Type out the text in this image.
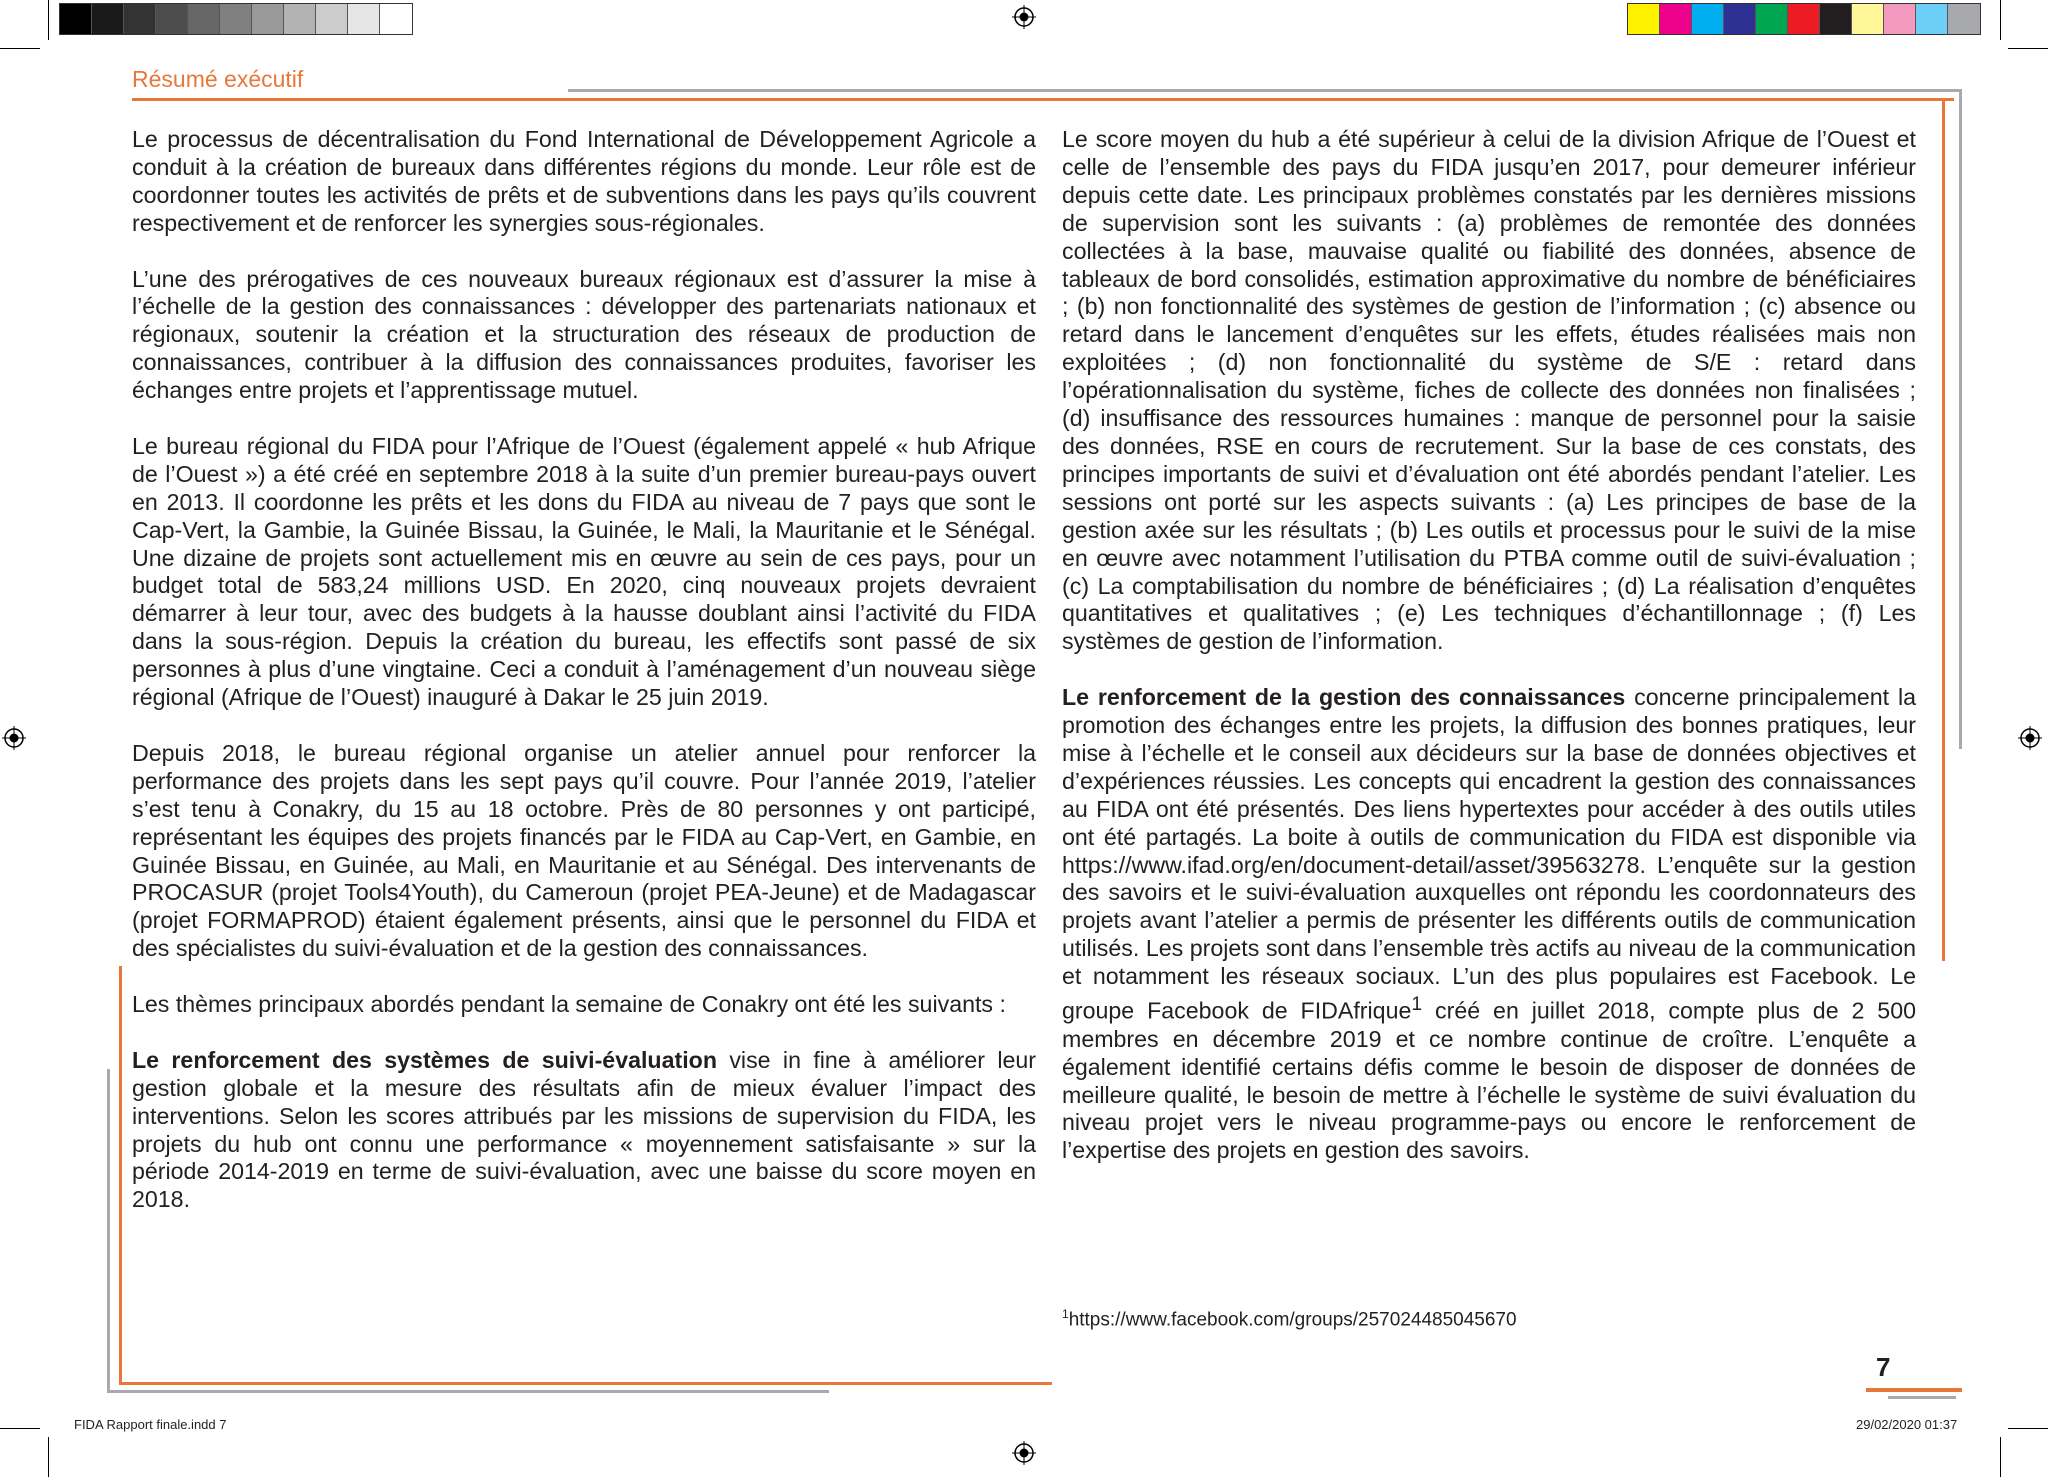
Résumé exécutif

Le processus de décentralisation du Fond International de Développement Agricole a conduit à la création de bureaux dans différentes régions du monde. Leur rôle est de coordonner toutes les activités de prêts et de subventions dans les pays qu’ils couvrent respectivement et de renforcer les synergies sous-régionales.

L’une des prérogatives de ces nouveaux bureaux régionaux est d’assurer la mise à l’échelle de la gestion des connaissances : développer des partenariats nationaux et régionaux, soutenir la création et la structuration des réseaux de production de connaissances, contribuer à la diffusion des connaissances produites, favoriser les échanges entre projets et l’apprentissage mutuel.

Le bureau régional du FIDA pour l’Afrique de l’Ouest (également appelé « hub Afrique de l’Ouest ») a été créé en septembre 2018 à la suite d’un premier bureau-pays ouvert en 2013. Il coordonne les prêts et les dons du FIDA au niveau de 7 pays que sont le Cap-Vert, la Gambie, la Guinée Bissau, la Guinée, le Mali, la Mauritanie et le Sénégal. Une dizaine de projets sont actuellement mis en œuvre au sein de ces pays, pour un budget total de 583,24 millions USD. En 2020, cinq nouveaux projets devraient démarrer à leur tour, avec des budgets à la hausse doublant ainsi l’activité du FIDA dans la sous-région. Depuis la création du bureau, les effectifs sont passé de six personnes à plus d’une vingtaine. Ceci a conduit à l’aménagement d’un nouveau siège régional (Afrique de l’Ouest) inauguré à Dakar le 25 juin 2019.

Depuis 2018, le bureau régional organise un atelier annuel pour renforcer la performance des projets dans les sept pays qu’il couvre. Pour l’année 2019, l’atelier s’est tenu à Conakry, du 15 au 18 octobre. Près de 80 personnes y ont participé, représentant les équipes des projets financés par le FIDA au Cap-Vert, en Gambie, en Guinée Bissau, en Guinée, au Mali, en Mauritanie et au Sénégal. Des intervenants de PROCASUR (projet Tools4Youth), du Cameroun (projet PEA-Jeune) et de Madagascar (projet FORMAPROD) étaient également présents, ainsi que le personnel du FIDA et des spécialistes du suivi-évaluation et de la gestion des connaissances.

Les thèmes principaux abordés pendant la semaine de Conakry ont été les suivants :

Le renforcement des systèmes de suivi-évaluation vise in fine à améliorer leur gestion globale et la mesure des résultats afin de mieux évaluer l’impact des interventions. Selon les scores attribués par les missions de supervision du FIDA, les projets du hub ont connu une performance « moyennement satisfaisante » sur la période 2014-2019 en terme de suivi-évaluation, avec une baisse du score moyen en 2018.

Le score moyen du hub a été supérieur à celui de la division Afrique de l’Ouest et celle de l’ensemble des pays du FIDA jusqu’en 2017, pour demeurer inférieur depuis cette date. Les principaux problèmes constatés par les dernières missions de supervision sont les suivants : (a) problèmes de remontée des données collectées à la base, mauvaise qualité ou fiabilité des données, absence de tableaux de bord consolidés, estimation approximative du nombre de bénéficiaires ; (b) non fonctionnalité des systèmes de gestion de l’information ; (c) absence ou retard dans le lancement d’enquêtes sur les effets, études réalisées mais non exploitées ; (d) non fonctionnalité du système de S/E : retard dans l’opérationnalisation du système, fiches de collecte des données non finalisées ; (d) insuffisance des ressources humaines : manque de personnel pour la saisie des données, RSE en cours de recrutement. Sur la base de ces constats, des principes importants de suivi et d’évaluation ont été abordés pendant l’atelier. Les sessions ont porté sur les aspects suivants : (a) Les principes de base de la gestion axée sur les résultats ; (b) Les outils et processus pour le suivi de la mise en œuvre avec notamment l’utilisation du PTBA comme outil de suivi-évaluation ; (c) La comptabilisation du nombre de bénéficiaires ; (d) La réalisation d’enquêtes quantitatives et qualitatives ; (e) Les techniques d’échantillonnage ; (f) Les systèmes de gestion de l’information.

Le renforcement de la gestion des connaissances concerne principalement la promotion des échanges entre les projets, la diffusion des bonnes pratiques, leur mise à l’échelle et le conseil aux décideurs sur la base de données objectives et d’expériences réussies. Les concepts qui encadrent la gestion des connaissances au FIDA ont été présentés. Des liens hypertextes pour accéder à des outils utiles ont été partagés. La boite à outils de communication du FIDA est disponible via https://www.ifad.org/en/document-detail/asset/39563278. L’enquête sur la gestion des savoirs et le suivi-évaluation auxquelles ont répondu les coordonnateurs des projets avant l’atelier a permis de présenter les différents outils de communication utilisés. Les projets sont dans l’ensemble très actifs au niveau de la communication et notamment les réseaux sociaux. L’un des plus populaires est Facebook. Le groupe Facebook de FIDAfrique$^1$ créé en juillet 2018, compte plus de 2 500 membres en décembre 2019 et ce nombre continue de croître. L’enquête a également identifié certains défis comme le besoin de disposer de données de meilleure qualité, le besoin de mettre à l’échelle le système de suivi évaluation du niveau projet vers le niveau programme-pays ou encore le renforcement de l’expertise des projets en gestion des savoirs.

$^1$https://www.facebook.com/groups/257024485045670
7
FIDA Rapport finale.indd 7	29/02/2020 01:37
